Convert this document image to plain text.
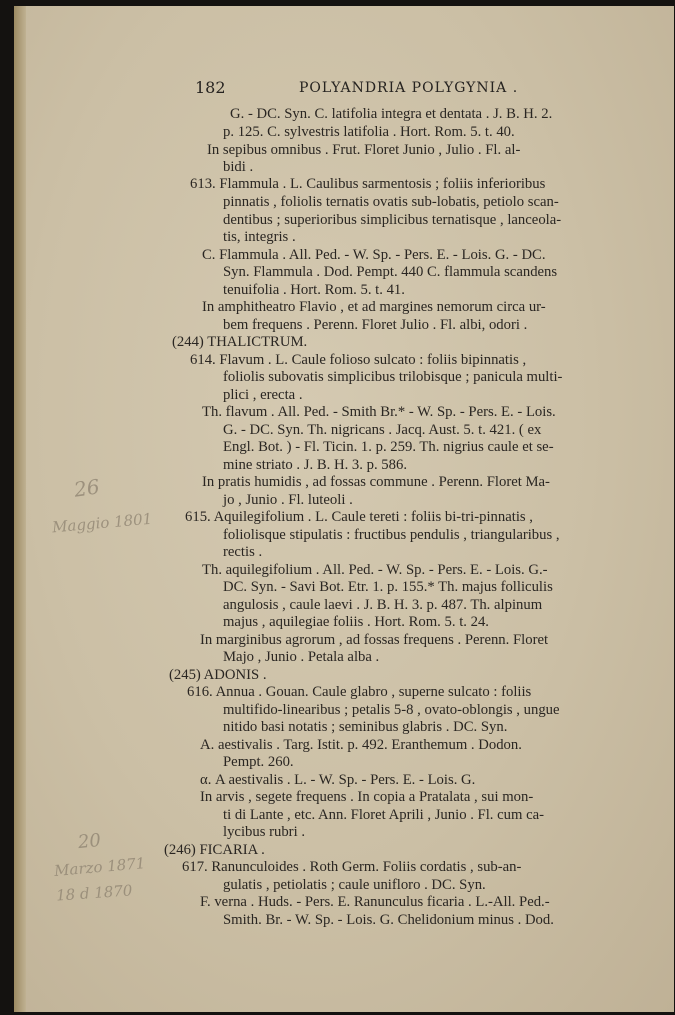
182	POLYANDRIA POLYGYNIA .
G. - DC. Syn. C. latifolia integra et dentata . J. B. H. 2.
p. 125. C. sylvestris latifolia . Hort. Rom. 5. t. 40.
In sepibus omnibus . Frut. Floret Junio , Julio . Fl. al-
bidi .
613. Flammula . L. Caulibus sarmentosis ; foliis inferioribus
pinnatis , foliolis ternatis ovatis sub-lobatis, petiolo scan-
dentibus ; superioribus simplicibus ternatisque , lanceola-
tis, integris .
C. Flammula . All. Ped. - W. Sp. - Pers. E. - Lois. G. - DC.
Syn. Flammula . Dod. Pempt. 440 C. flammula scandens
tenuifolia . Hort. Rom. 5. t. 41.
In amphitheatro Flavio , et ad margines nemorum circa ur-
bem frequens . Perenn. Floret Julio . Fl. albi, odori .
(244) THALICTRUM.
614. Flavum . L. Caule folioso sulcato : foliis bipinnatis ,
foliolis subovatis simplicibus trilobisque ; panicula multi-
plici , erecta .
Th. flavum . All. Ped. - Smith Br.* - W. Sp. - Pers. E. - Lois.
G. - DC. Syn. Th. nigricans . Jacq. Aust. 5. t. 421. ( ex
Engl. Bot. ) - Fl. Ticin. 1. p. 259. Th. nigrius caule et se-
mine striato . J. B. H. 3. p. 586.
In pratis humidis , ad fossas commune . Perenn. Floret Ma-
jo , Junio . Fl. luteoli .
615. Aquilegifolium . L. Caule tereti : foliis bi-tri-pinnatis ,
foliolisque stipulatis : fructibus pendulis , triangularibus ,
rectis .
Th. aquilegifolium . All. Ped. - W. Sp. - Pers. E. - Lois. G.-
DC. Syn. - Savi Bot. Etr. 1. p. 155.* Th. majus folliculis
angulosis , caule laevi . J. B. H. 3. p. 487. Th. alpinum
majus , aquilegiae foliis . Hort. Rom. 5. t. 24.
In marginibus agrorum , ad fossas frequens . Perenn. Floret
Majo , Junio . Petala alba .
(245) ADONIS .
616. Annua . Gouan. Caule glabro , superne sulcato : foliis
multifido-linearibus ; petalis 5-8 , ovato-oblongis , ungue
nitido basi notatis ; seminibus glabris . DC. Syn.
A. aestivalis . Targ. Istit. p. 492. Eranthemum . Dodon.
Pempt. 260.
α. A aestivalis . L. - W. Sp. - Pers. E. - Lois. G.
In arvis , segete frequens . In copia a Pratalata , sui mon-
ti di Lante , etc. Ann. Floret Aprili , Junio . Fl. cum ca-
lycibus rubri .
(246) FICARIA .
617. Ranunculoides . Roth Germ. Foliis cordatis , sub-an-
gulatis , petiolatis ; caule unifloro . DC. Syn.
F. verna . Huds. - Pers. E. Ranunculus ficaria . L.-All. Ped.-
Smith. Br. - W. Sp. - Lois. G. Chelidonium minus . Dod.
26
Maggio 1801
20
Marzo 1871
18 d 1870
